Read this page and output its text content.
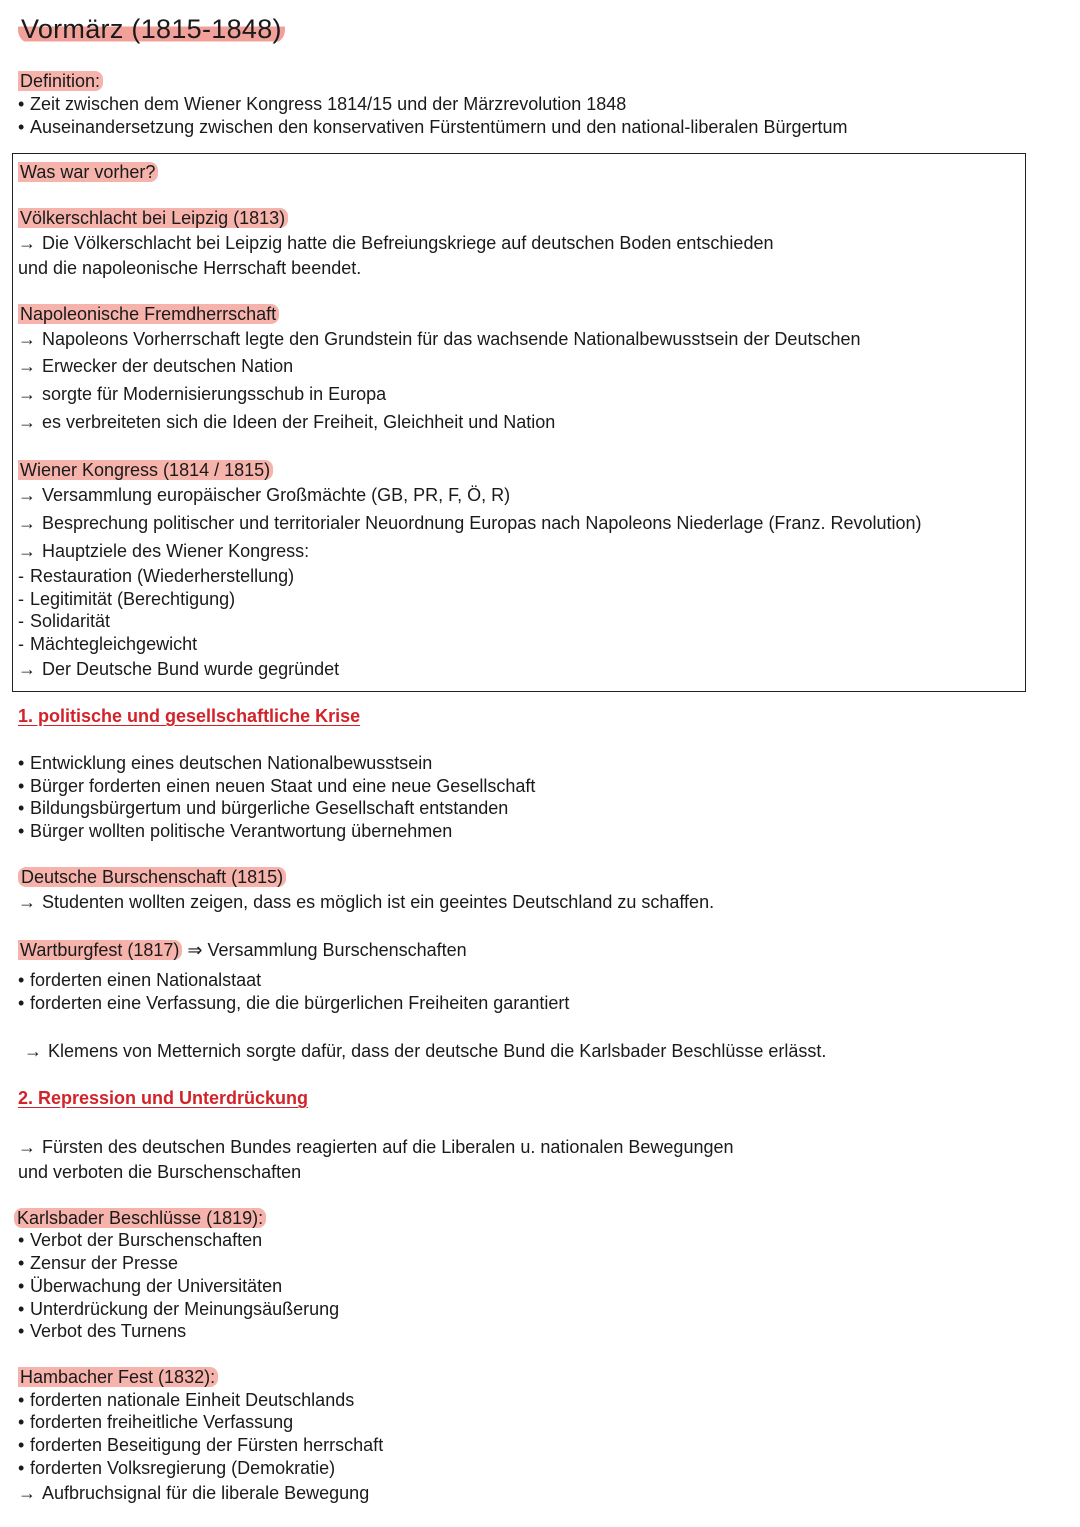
Vormärz (1815-1848)
Definition:
• Zeit zwischen dem Wiener Kongress 1814/15 und der Märzrevolution 1848
• Auseinandersetzung zwischen den konservativen Fürstentümern und den national-liberalen Bürgertum
Was war vorher?
Völkerschlacht bei Leipzig (1813)
→ Die Völkerschlacht bei Leipzig hatte die Befreiungskriege auf deutschen Boden entschieden
und die napoleonische Herrschaft beendet.
Napoleonische Fremdherrschaft
→ Napoleons Vorherrschaft legte den Grundstein für das wachsende Nationalbewusstsein der Deutschen
→ Erwecker der deutschen Nation
→ sorgte für Modernisierungsschub in Europa
→ es verbreiteten sich die Ideen der Freiheit, Gleichheit und Nation
Wiener Kongress (1814 / 1815)
→ Versammlung europäischer Großmächte (GB, PR, F, Ö, R)
→ Besprechung politischer und territorialer Neuordnung Europas nach Napoleons Niederlage (Franz. Revolution)
→ Hauptziele des Wiener Kongress:
- Restauration (Wiederherstellung)
- Legitimität (Berechtigung)
- Solidarität
- Mächtegleichgewicht
→ Der Deutsche Bund wurde gegründet
1. politische und gesellschaftliche Krise
• Entwicklung eines deutschen Nationalbewusstsein
• Bürger forderten einen neuen Staat und eine neue Gesellschaft
• Bildungsbürgertum und bürgerliche Gesellschaft entstanden
• Bürger wollten politische Verantwortung übernehmen
Deutsche Burschenschaft (1815)
→ Studenten wollten zeigen, dass es möglich ist ein geeintes Deutschland zu schaffen.
Wartburgfest (1817) ⇒ Versammlung Burschenschaften
• forderten einen Nationalstaat
• forderten eine Verfassung, die die bürgerlichen Freiheiten garantiert
→ Klemens von Metternich sorgte dafür, dass der deutsche Bund die Karlsbader Beschlüsse erlässt.
2. Repression und Unterdrückung
→ Fürsten des deutschen Bundes reagierten auf die Liberalen u. nationalen Bewegungen
und verboten die Burschenschaften
Karlsbader Beschlüsse (1819):
• Verbot der Burschenschaften
• Zensur der Presse
• Überwachung der Universitäten
• Unterdrückung der Meinungsäußerung
• Verbot des Turnens
Hambacher Fest (1832):
• forderten nationale Einheit Deutschlands
• forderten freiheitliche Verfassung
• forderten Beseitigung der Fürsten herrschaft
• forderten Volksregierung (Demokratie)
→ Aufbruchsignal für die liberale Bewegung
